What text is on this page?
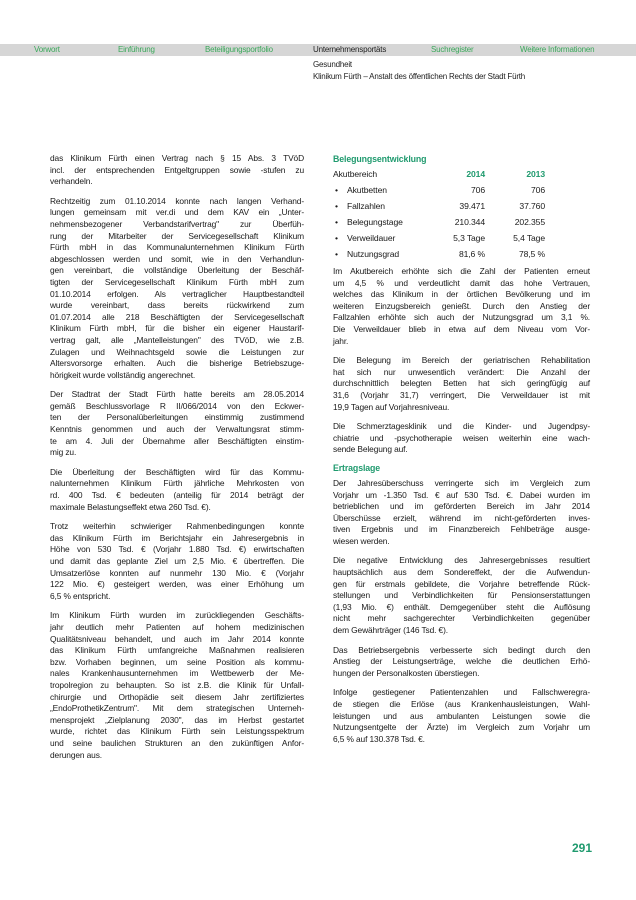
Vorwort	Einführung	Beteiligungsportfolio	Unternehmensportäts	Suchregister	Weitere Informationen
Gesundheit
Klinikum Fürth – Anstalt des öffentlichen Rechts der Stadt Fürth
das Klinikum Fürth einen Vertrag nach § 15 Abs. 3 TVöD
incl. der entsprechenden Entgeltgruppen sowie -stufen zu
verhandeln.
Rechtzeitig zum 01.10.2014 konnte nach langen Verhand-
lungen gemeinsam mit ver.di und dem KAV ein „Unter-
nehmensbezogener Verbandstarifvertrag" zur Überfüh-
rung der Mitarbeiter der Servicegesellschaft Klinikum
Fürth mbH in das Kommunalunternehmen Klinikum Fürth
abgeschlossen werden und somit, wie in den Verhandlun-
gen vereinbart, die vollständige Überleitung der Beschäf-
tigten der Servicegesellschaft Klinikum Fürth mbH zum
01.10.2014 erfolgen. Als vertraglicher Hauptbestandteil
wurde vereinbart, dass bereits rückwirkend zum
01.07.2014 alle 218 Beschäftigten der Servicegesellschaft
Klinikum Fürth mbH, für die bisher ein eigener Haustarif-
vertrag galt, alle „Mantelleistungen" des TVöD, wie z.B.
Zulagen und Weihnachtsgeld sowie die Leistungen zur
Altersvorsorge erhalten. Auch die bisherige Betriebszuge-
hörigkeit wurde vollständig angerechnet.
Der Stadtrat der Stadt Fürth hatte bereits am 28.05.2014
gemäß Beschlussvorlage R II/066/2014 von den Eckwer-
ten der Personalüberleitungen einstimmig zustimmend
Kenntnis genommen und auch der Verwaltungsrat stimm-
te am 4. Juli der Übernahme aller Beschäftigten einstim-
mig zu.
Die Überleitung der Beschäftigten wird für das Kommu-
nalunternehmen Klinikum Fürth jährliche Mehrkosten von
rd. 400 Tsd. € bedeuten (anteilig für 2014 beträgt der
maximale Belastungseffekt etwa 260 Tsd. €).
Trotz weiterhin schwieriger Rahmenbedingungen konnte
das Klinikum Fürth im Berichtsjahr ein Jahresergebnis in
Höhe von 530 Tsd. € (Vorjahr 1.880 Tsd. €) erwirtschaften
und damit das geplante Ziel um 2,5 Mio. € übertreffen. Die
Umsatzerlöse konnten auf nunmehr 130 Mio. € (Vorjahr
122 Mio. €) gesteigert werden, was einer Erhöhung um
6,5 % entspricht.
Im Klinikum Fürth wurden im zurückliegenden Geschäfts-
jahr deutlich mehr Patienten auf hohem medizinischen
Qualitätsniveau behandelt, und auch im Jahr 2014 konnte
das Klinikum Fürth umfangreiche Maßnahmen realisieren
bzw. Vorhaben beginnen, um seine Position als kommu-
nales Krankenhausunternehmen im Wettbewerb der Me-
tropolregion zu behaupten. So ist z.B. die Klinik für Unfall-
chirurgie und Orthopädie seit diesem Jahr zertifiziertes
„EndoProthetikZentrum". Mit dem strategischen Unterneh-
mensprojekt „Zielplanung 2030", das im Herbst gestartet
wurde, richtet das Klinikum Fürth sein Leistungsspektrum
und seine baulichen Strukturen an den zukünftigen Anfor-
derungen aus.
Belegungsentwicklung
Akutbereich	2014	2013
• Akutbetten	706	706
• Fallzahlen	39.471	37.760
• Belegungstage	210.344	202.355
• Verweildauer	5,3 Tage	5,4 Tage
• Nutzungsgrad	81,6 %	78,5 %
Im Akutbereich erhöhte sich die Zahl der Patienten erneut
um 4,5 % und verdeutlicht damit das hohe Vertrauen,
welches das Klinikum in der örtlichen Bevölkerung und im
weiteren Einzugsbereich genießt. Durch den Anstieg der
Fallzahlen erhöhte sich auch der Nutzungsgrad um 3,1 %.
Die Verweildauer blieb in etwa auf dem Niveau vom Vor-
jahr.
Die Belegung im Bereich der geriatrischen Rehabilitation
hat sich nur unwesentlich verändert: Die Anzahl der
durchschnittlich belegten Betten hat sich geringfügig auf
31,6 (Vorjahr 31,7) verringert, Die Verweildauer ist mit
19,9 Tagen auf Vorjahresniveau.
Die Schmerztagesklinik und die Kinder- und Jugendpsy-
chiatrie und -psychotherapie weisen weiterhin eine wach-
sende Belegung auf.
Ertragslage
Der Jahresüberschuss verringerte sich im Vergleich zum
Vorjahr um -1.350 Tsd. € auf 530 Tsd. €. Dabei wurden im
betrieblichen und im geförderten Bereich im Jahr 2014
Überschüsse erzielt, während im nicht-geförderten inves-
tiven Ergebnis und im Finanzbereich Fehlbeträge ausge-
wiesen werden.
Die negative Entwicklung des Jahresergebnisses resultiert
hauptsächlich aus dem Sondereffekt, der die Aufwendun-
gen für erstmals gebildete, die Vorjahre betreffende Rück-
stellungen und Verbindlichkeiten für Pensionserstattungen
(1,93 Mio. €) enthält. Demgegenüber steht die Auflösung
nicht mehr sachgerechter Verbindlichkeiten gegenüber
dem Gewährträger (146 Tsd. €).
Das Betriebsergebnis verbesserte sich bedingt durch den
Anstieg der Leistungserträge, welche die deutlichen Erhö-
hungen der Personalkosten überstiegen.
Infolge gestiegener Patientenzahlen und Fallschweregra-
de stiegen die Erlöse (aus Krankenhausleistungen, Wahl-
leistungen und aus ambulanten Leistungen sowie die
Nutzungsentgelte der Ärzte) im Vergleich zum Vorjahr um
6,5 % auf 130.378 Tsd. €.
291
